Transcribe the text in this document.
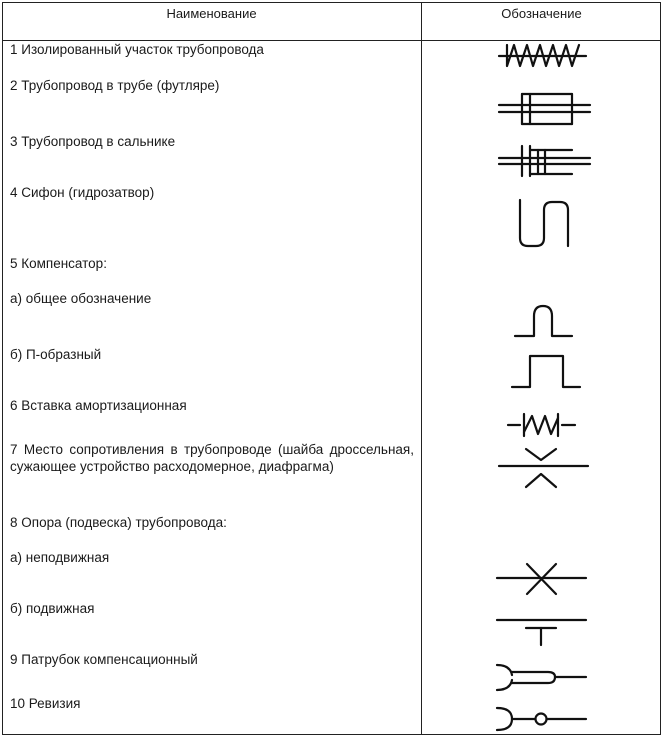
Наименование	Обозначение
1 Изолированный участок трубопровода
2 Трубопровод в трубе (футляре)
3 Трубопровод в сальнике
4 Сифон (гидрозатвор)
5 Компенсатор:
а) общее обозначение
б) П-образный
6 Вставка амортизационная
7 Место сопротивления в трубопроводе (шайба дроссельная, сужающее устройство расходомерное, диафрагма)
8 Опора (подвеска) трубопровода:
а) неподвижная
б) подвижная
9 Патрубок компенсационный
10 Ревизия
